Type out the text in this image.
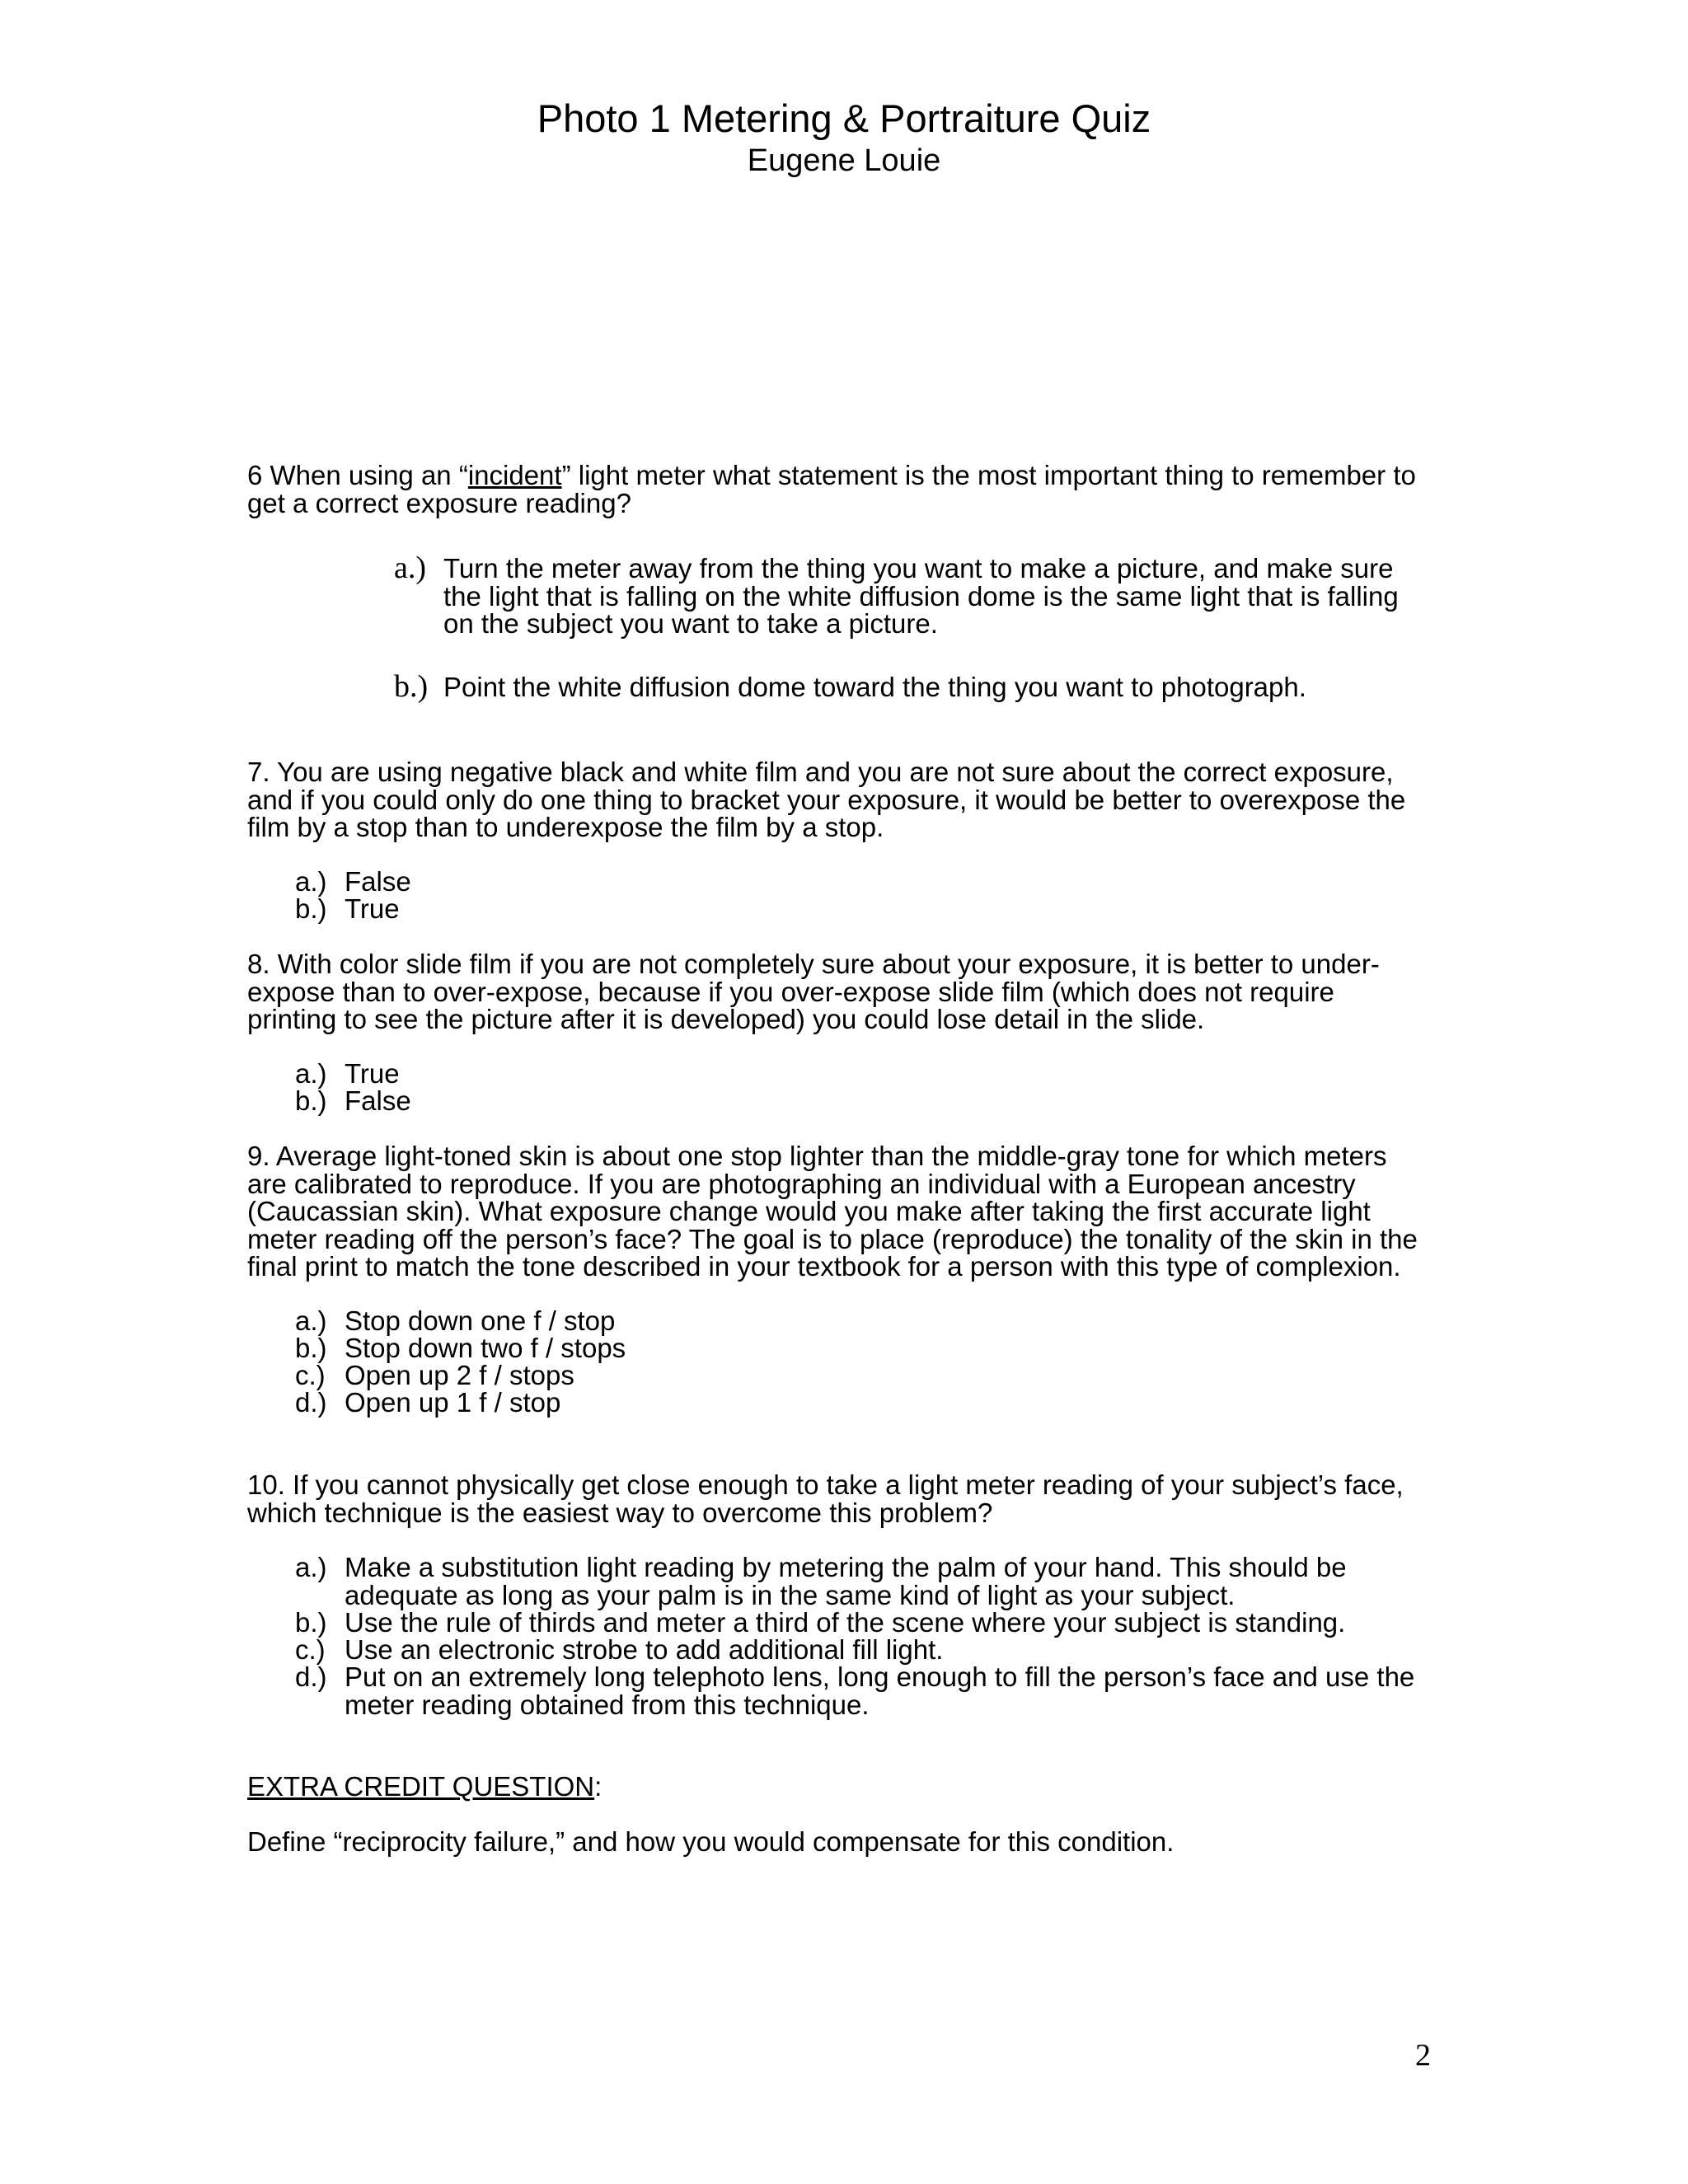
Photo 1 Metering & Portraiture Quiz
Eugene Louie
6 When using an “incident” light meter what statement is the most important thing to remember to
get a correct exposure reading?
a.) Turn the meter away from the thing you want to make a picture, and make sure
the light that is falling on the white diffusion dome is the same light that is falling
on the subject you want to take a picture.
b.) Point the white diffusion dome toward the thing you want to photograph.
7. You are using negative black and white film and you are not sure about the correct exposure,
and if you could only do one thing to bracket your exposure, it would be better to overexpose the
film by a stop than to underexpose the film by a stop.
a.) False
b.) True
8. With color slide film if you are not completely sure about your exposure, it is better to under-
expose than to over-expose, because if you over-expose slide film (which does not require
printing to see the picture after it is developed) you could lose detail in the slide.
a.) True
b.) False
9. Average light-toned skin is about one stop lighter than the middle-gray tone for which meters
are calibrated to reproduce. If you are photographing an individual with a European ancestry
(Caucassian skin). What exposure change would you make after taking the first accurate light
meter reading off the person’s face? The goal is to place (reproduce) the tonality of the skin in the
final print to match the tone described in your textbook for a person with this type of complexion.
a.) Stop down one f / stop
b.) Stop down two f / stops
c.) Open up 2 f / stops
d.) Open up 1 f / stop
10. If you cannot physically get close enough to take a light meter reading of your subject’s face,
which technique is the easiest way to overcome this problem?
a.) Make a substitution light reading by metering the palm of your hand. This should be
adequate as long as your palm is in the same kind of light as your subject.
b.) Use the rule of thirds and meter a third of the scene where your subject is standing.
c.) Use an electronic strobe to add additional fill light.
d.) Put on an extremely long telephoto lens, long enough to fill the person’s face and use the
meter reading obtained from this technique.
EXTRA CREDIT QUESTION:
Define “reciprocity failure,” and how you would compensate for this condition.
2
